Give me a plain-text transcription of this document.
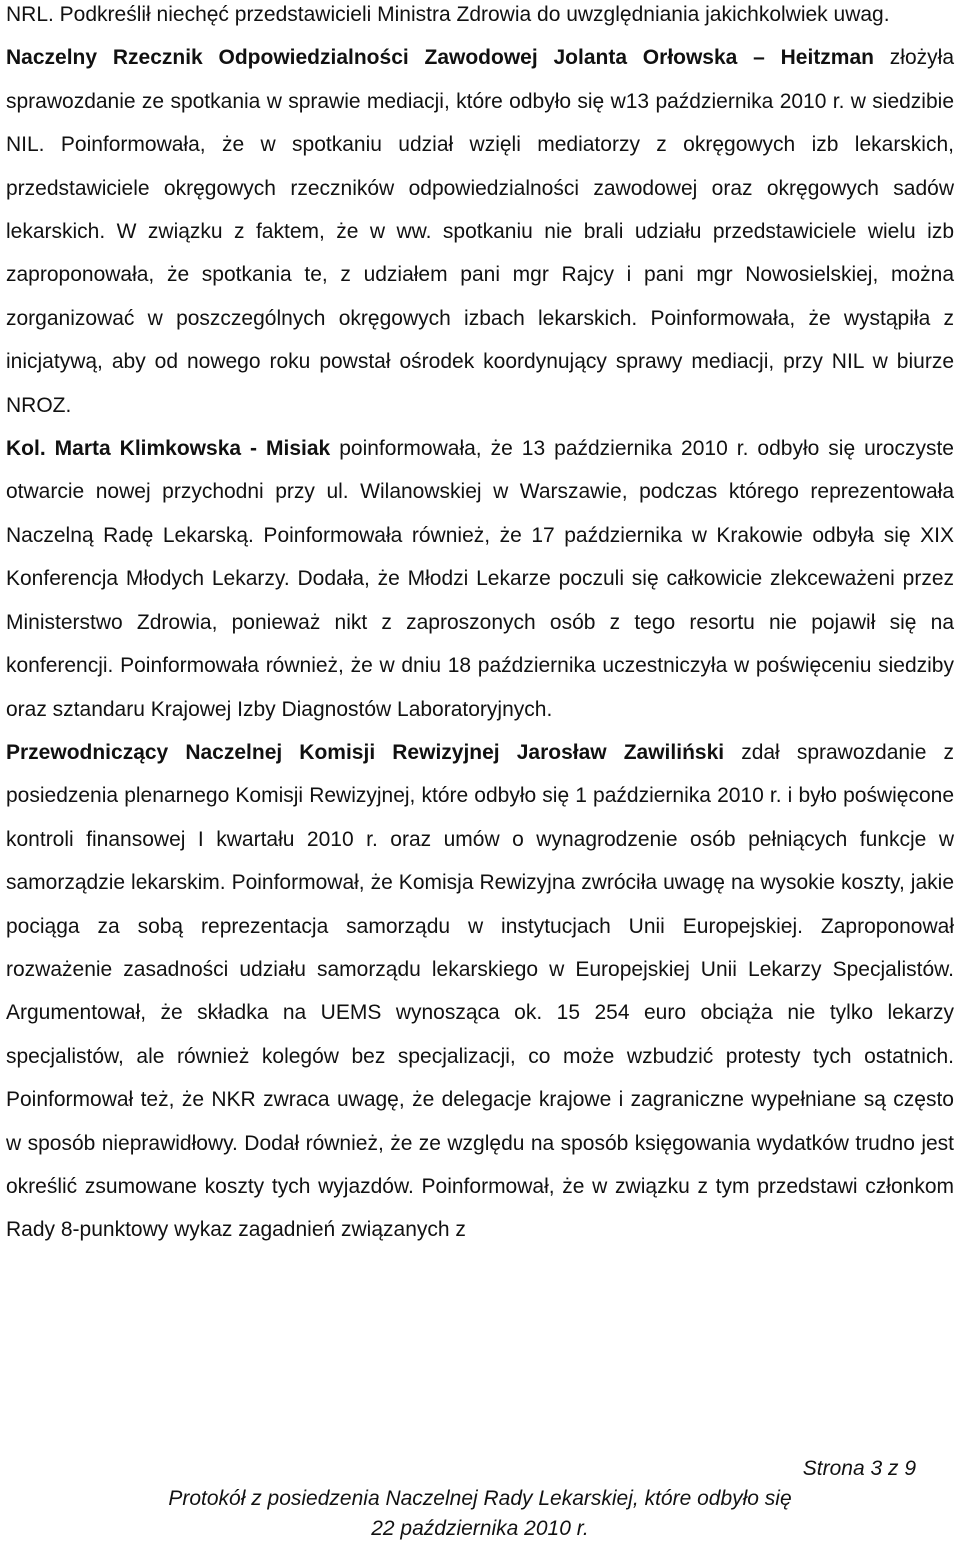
NRL. Podkreślił niechęć przedstawicieli Ministra Zdrowia do uwzględniania jakichkolwiek uwag.

Naczelny Rzecznik Odpowiedzialności Zawodowej Jolanta Orłowska – Heitzman złożyła sprawozdanie ze spotkania w sprawie mediacji, które odbyło się w13 października 2010 r. w siedzibie NIL. Poinformowała, że w spotkaniu udział wzięli mediatorzy z okręgowych izb lekarskich, przedstawiciele okręgowych rzeczników odpowiedzialności zawodowej oraz okręgowych sadów lekarskich. W związku z faktem, że w ww. spotkaniu nie brali udziału przedstawiciele wielu izb zaproponowała, że spotkania te, z udziałem pani mgr Rajcy i pani mgr Nowosielskiej, można zorganizować w poszczególnych okręgowych izbach lekarskich. Poinformowała, że wystąpiła z inicjatywą, aby od nowego roku powstał ośrodek koordynujący sprawy mediacji, przy NIL w biurze NROZ.

Kol. Marta Klimkowska - Misiak poinformowała, że 13 października 2010 r. odbyło się uroczyste otwarcie nowej przychodni przy ul. Wilanowskiej w Warszawie, podczas którego reprezentowała Naczelną Radę Lekarską. Poinformowała również, że 17 października w Krakowie odbyła się XIX Konferencja Młodych Lekarzy. Dodała, że Młodzi Lekarze poczuli się całkowicie zlekceważeni przez Ministerstwo Zdrowia, ponieważ nikt z zaproszonych osób z tego resortu nie pojawił się na konferencji. Poinformowała również, że w dniu 18 października uczestniczyła w poświęceniu siedziby oraz sztandaru Krajowej Izby Diagnostów Laboratoryjnych.

Przewodniczący Naczelnej Komisji Rewizyjnej Jarosław Zawiliński zdał sprawozdanie z posiedzenia plenarnego Komisji Rewizyjnej, które odbyło się 1 października 2010 r. i było poświęcone kontroli finansowej I kwartału 2010 r. oraz umów o wynagrodzenie osób pełniących funkcje w samorządzie lekarskim. Poinformował, że Komisja Rewizyjna zwróciła uwagę na wysokie koszty, jakie pociąga za sobą reprezentacja samorządu w instytucjach Unii Europejskiej. Zaproponował rozważenie zasadności udziału samorządu lekarskiego w Europejskiej Unii Lekarzy Specjalistów. Argumentował, że składka na UEMS wynosząca ok. 15 254 euro obciąża nie tylko lekarzy specjalistów, ale również kolegów bez specjalizacji, co może wzbudzić protesty tych ostatnich. Poinformował też, że NKR zwraca uwagę, że delegacje krajowe i zagraniczne wypełniane są często w sposób nieprawidłowy. Dodał również, że ze względu na sposób księgowania wydatków trudno jest określić zsumowane koszty tych wyjazdów. Poinformował, że w związku z tym przedstawi członkom Rady 8-punktowy wykaz zagadnień związanych z

Strona 3 z 9
Protokół z posiedzenia Naczelnej Rady Lekarskiej, które odbyło się
22 października 2010 r.
